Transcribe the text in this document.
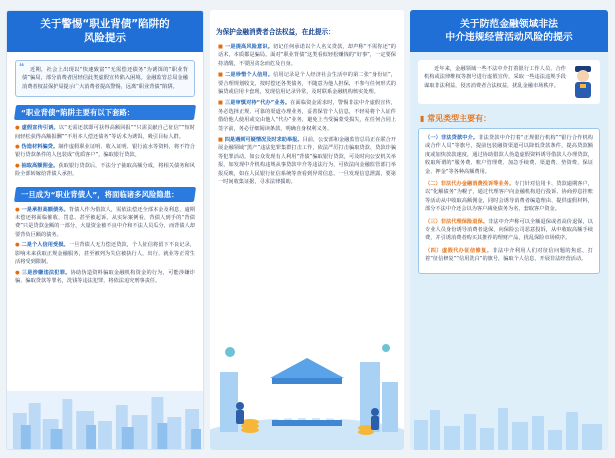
关于警惕“职业背债”陷阱的
风险提示
❝	近期，社会上出现以“快速致富”“无需偿还债务”为诱饵的“职业背债”骗局，部分消费者因轻信此类虚假宣传陷入困境。金融监管总局金融消费者权益保护局提示广大消费者提高警惕，远离“职业背债”陷阱。
“职业背债”陷阱主要有以下套路：
● 虚假宣传引诱。以“无需还款即可获得高额回报”“只需贡献自己征信”“短时间轻松获得高额报酬”“不用本人偿还债务”等话术为诱饵，吸引目标人群。
● 伪造材料骗贷。制作虚假职业证明、收入证明、银行流水等资料，将不符合银行贷款条件的人包装成“优质客户”，骗取银行贷款。
● 抽取高额佣金。获取银行贷款后，不法分子抽取高额分成，将相关债务和风险全部转嫁给背债人承担。
一旦成为“职业背债人”，将面临诸多风险隐患：
● 一是承担高额债务。背债人作为借款人，需依法偿还全部本金及利息，逾期未偿还将面临催收、罚息、甚至被起诉。从实际案例看，背债人到手的“背债费”只是贷款金额的一部分，大量资金被不良中介和不法人员瓜分，而背债人却要背负巨额的债务。
● 二是个人信用受损。一旦背债人无力偿还贷款，个人征信将留下不良记录，影响未来获取正规金融服务，甚至被列为失信被执行人，出行、就业等正常生活将受到限制。
● 三是涉嫌违法犯罪。协助伪造资料骗取金融机构资金的行为，可能涉嫌诈骗、骗取贷款等罪名，洗钱等违法犯罪，将依法追究刑事责任。
为保护金融消费者合法权益，在此提示：
■ 一是提高风险意识。切记任何承诺以个人名义贷款，却声称“不需你还”的话术，本质都是骗局。面对“职业背债”这类看似轻松赚钱的“好事”，一定要保持清醒，不要因贪念而危及自身。
■ 二是珍惜个人信用。信用记录是个人经济社会生活中的第二张“身份证”，要合理规划收支，按时偿还各类债务，不随意为他人担保，不参与任何形式的骗贷或信用卡套现，发现信用记录异常，及时联系金融机构核实处理。
■ 三是审慎对待“代办”业务。在面临资金需求时，警惕非法中介虚假宣传，务必选择正规、可靠的渠道办理业务，妥善保管个人信息，不轻易将个人证件借给他人使用或交由他人“代办”业务，避免上当受骗蒙受损失，在任何合同上签字前，务必仔细阅读条款，明确自身权利义务。
■ 四是遇到可疑情况及时求助举报。目前，公安部和金融监管总局正在联合开展金融领域“黑产”违法犯罪集群打击工作，依法严厉打击骗取贷款、贷款诈骗等犯罪活动。如公众发现有人利用“背债”骗取银行贷款，可及时向公安机关举报，如发现中介机构违规从事贷款中介等违法行为，可依法向金融监管部门举报反映，如在人民银行征信系统等查看到异常信息，一旦发现信息泄露，要第一时间收集证据，寻求法律援助。
关于防范金融领域非法
中介违规经营活动风险的提示
近年来，金融领域一些不法中介打着银行工作人员、合作机构或法律维权等旗号进行虚假宣传，采取一些违法违规手段谋取非法利益，侵害消费者合法权益，扰乱金融市场秩序。
▮ 常见类型主要有：
（一）非法贷款中介。非法贷款中介打着“正规银行机构”“银行合作机构或合作人员”等旗号，提前包装融资渠道可以降低贷款条件，提高贷款额度或加快放款速度，通过协助借款人伪造虚假资料诱导借款人办理贷款，收取所谓的“服务费、账户管理费、加急手续费、渠道费、垫资费、保证金、押金”等各种高额费用。
（二）非法代办金融消费投诉等业务。专门针对信用卡、贷款逾期客户，以“化解债务”为幌子，通过代理客户向金融机构进行投诉、协商停息挂账等活动从中收取高额佣金，同时会诱导消费者编造理由、提供虚假材料，部分不法中介还会以为客户减免债务为名，套取客户资金。
（三）非法代理保险退保。非法中介声称可以全额退保或者高价退保，以专业人员身份诱导消费者退保，向保险公司恶意投诉，从中收取高额手续费，并引诱消费者购买其推荐的理财产品，扰乱保险市场秩序。
（四）虚假代办征信修复。非法中介利用人们对征信问题的焦虑，打着“征信修复”“信用洗白”的旗号，骗取个人信息，开展非法经营活动。
